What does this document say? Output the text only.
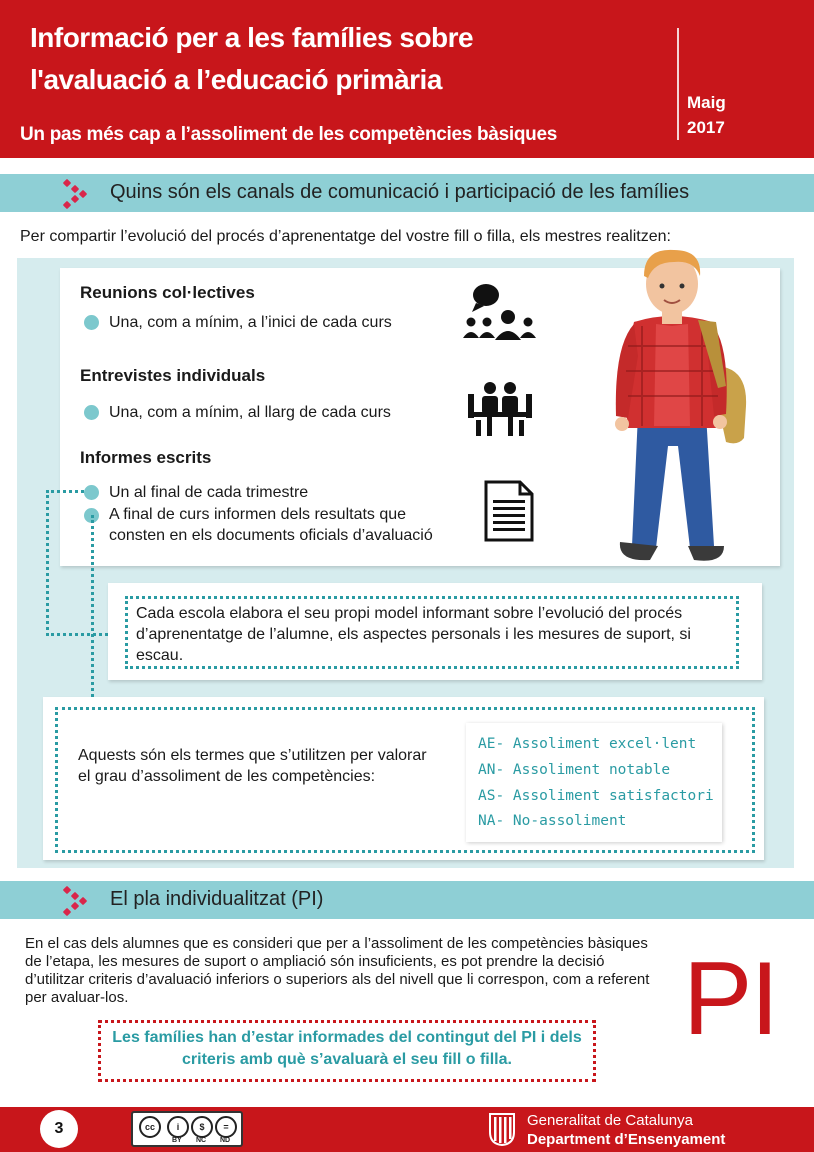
Informació per a les famílies sobre
l'avaluació a l’educació primària
Un pas més cap a l’assoliment de les competències bàsiques
Maig
2017
Quins són els canals de comunicació i participació de les famílies
Per compartir l’evolució del procés d’aprenentatge del vostre fill o filla, els mestres realitzen:
Reunions col·lectives
Una, com a mínim, a l’inici de cada curs
Entrevistes individuals
Una, com a mínim, al llarg de cada curs
Informes escrits
Un al final de cada trimestre
A final de curs informen dels resultats que
consten en els documents oficials d’avaluació
Cada escola elabora el seu propi model informant sobre l’evolució del procés d’aprenentatge de l’alumne, els aspectes personals i les mesures de suport, si escau.
Aquests són els termes que s’utilitzen per valorar el grau d’assoliment de les competències:
AE- Assoliment excel·lent
AN- Assoliment notable
AS- Assoliment satisfactori
NA- No-assoliment
El pla individualitzat (PI)
En el cas dels alumnes que es consideri que per a l’assoliment de les competències bàsiques de l’etapa, les mesures de suport o ampliació són insuficients, es pot prendre la decisió d’utilitzar criteris d’avaluació inferiors o superiors als del nivell que li correspon, com a referent per avaluar-los.	PI
Les famílies han d’estar informades del contingut del PI i dels criteris amb què s’avaluarà el seu fill o filla.
3	cc	i	$	=
BY NC ND
Generalitat de Catalunya
Department d’Ensenyament
